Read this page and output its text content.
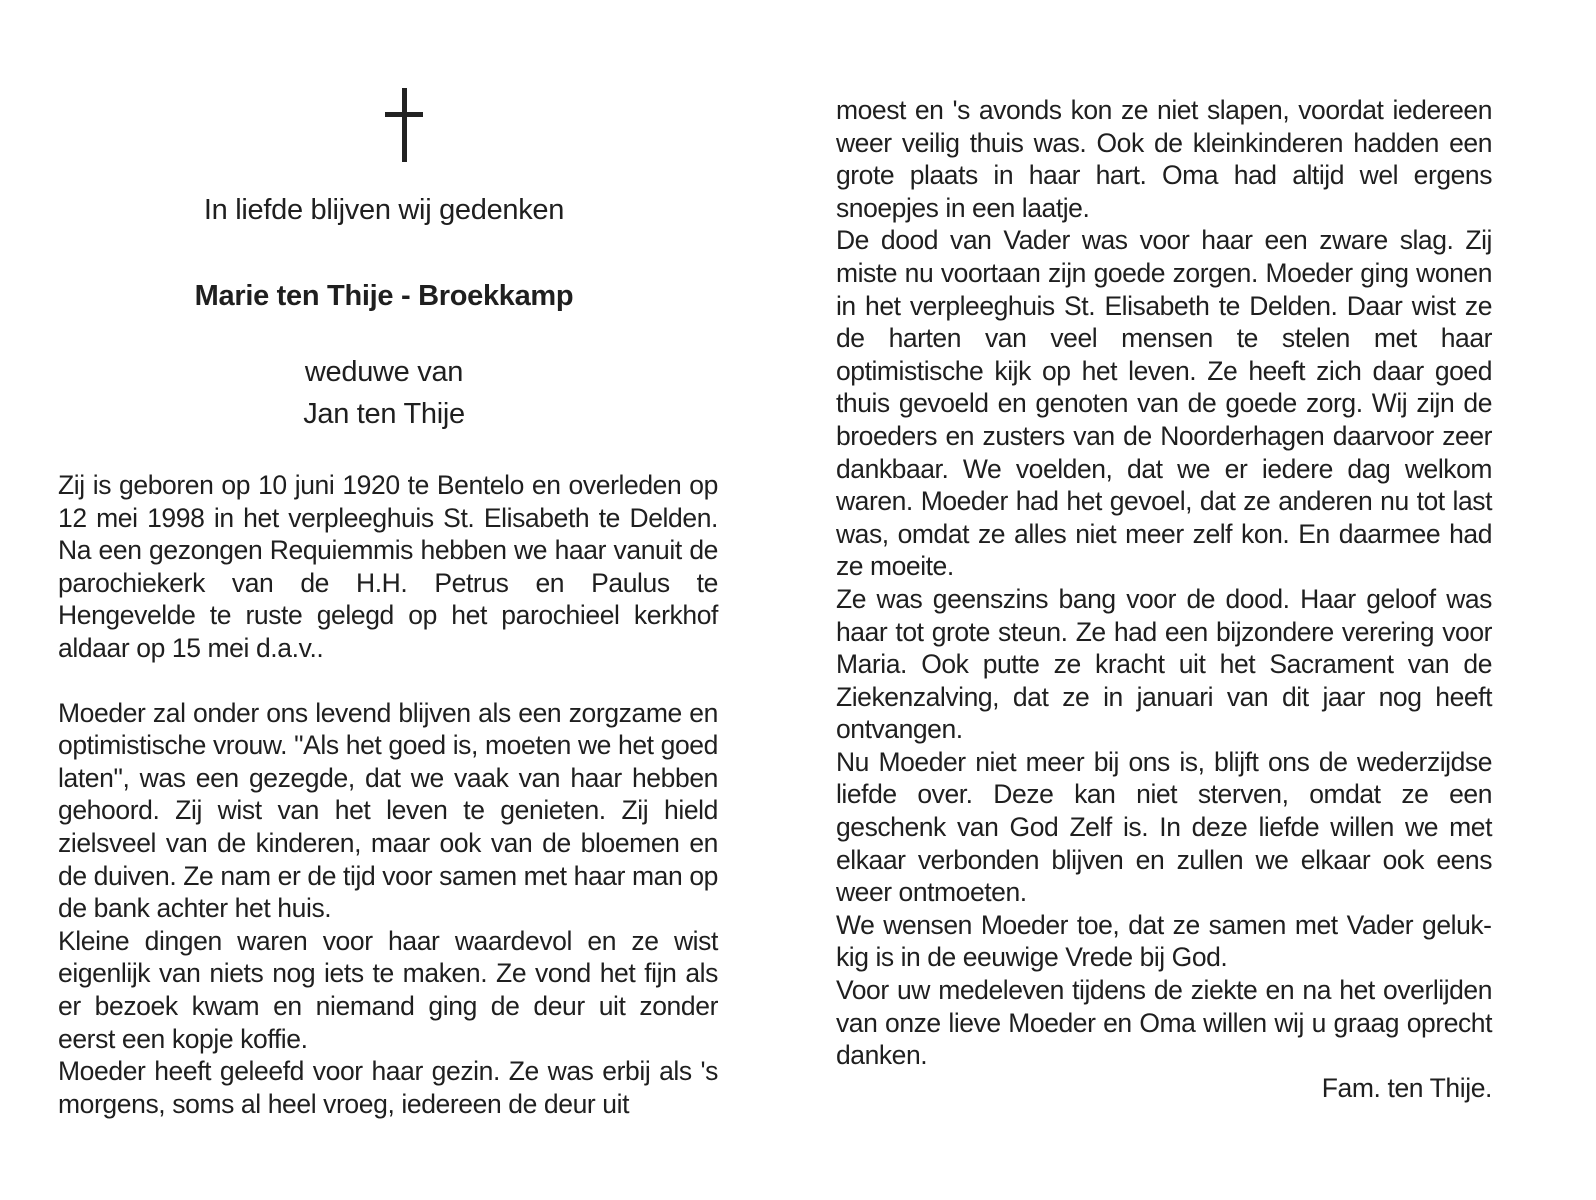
In liefde blijven wij gedenken
Marie ten Thije - Broekkamp
weduwe van
Jan ten Thije

Zij is geboren op 10 juni 1920 te Bentelo en overleden op 12 mei 1998 in het verpleeghuis St. Elisabeth te Delden. Na een gezongen Requiemmis hebben we haar vanuit de parochiekerk van de H.H. Petrus en Paulus te Hengevelde te ruste gelegd op het parochieel kerkhof aldaar op 15 mei d.a.v..

Moeder zal onder ons levend blijven als een zorgzame en optimistische vrouw. "Als het goed is, moeten we het goed laten", was een gezegde, dat we vaak van haar hebben gehoord. Zij wist van het leven te genieten. Zij hield zielsveel van de kinderen, maar ook van de bloemen en de duiven. Ze nam er de tijd voor samen met haar man op de bank achter het huis.

Kleine dingen waren voor haar waardevol en ze wist eigenlijk van niets nog iets te maken. Ze vond het fijn als er bezoek kwam en niemand ging de deur uit zonder eerst een kopje koffie.

Moeder heeft geleefd voor haar gezin. Ze was erbij als 's morgens, soms al heel vroeg, iedereen de deur uit

moest en 's avonds kon ze niet slapen, voordat iedereen weer veilig thuis was. Ook de kleinkinderen hadden een grote plaats in haar hart. Oma had altijd wel ergens snoepjes in een laatje.

De dood van Vader was voor haar een zware slag. Zij miste nu voortaan zijn goede zorgen. Moeder ging wonen in het verpleeghuis St. Elisabeth te Delden. Daar wist ze de harten van veel mensen te stelen met haar optimistische kijk op het leven. Ze heeft zich daar goed thuis gevoeld en genoten van de goede zorg. Wij zijn de broeders en zusters van de Noorderhagen daarvoor zeer dankbaar. We voelden, dat we er iedere dag welkom waren. Moeder had het gevoel, dat ze anderen nu tot last was, omdat ze alles niet meer zelf kon. En daarmee had ze moeite.

Ze was geenszins bang voor de dood. Haar geloof was haar tot grote steun. Ze had een bijzondere verering voor Maria. Ook putte ze kracht uit het Sacrament van de Ziekenzalving, dat ze in januari van dit jaar nog heeft ontvangen.

Nu Moeder niet meer bij ons is, blijft ons de wederzijdse liefde over. Deze kan niet sterven, omdat ze een geschenk van God Zelf is. In deze liefde willen we met elkaar verbonden blijven en zullen we elkaar ook eens weer ontmoeten.

We wensen Moeder toe, dat ze samen met Vader gelukkig is in de eeuwige Vrede bij God.

Voor uw medeleven tijdens de ziekte en na het overlijden van onze lieve Moeder en Oma willen wij u graag oprecht danken.

Fam. ten Thije.
